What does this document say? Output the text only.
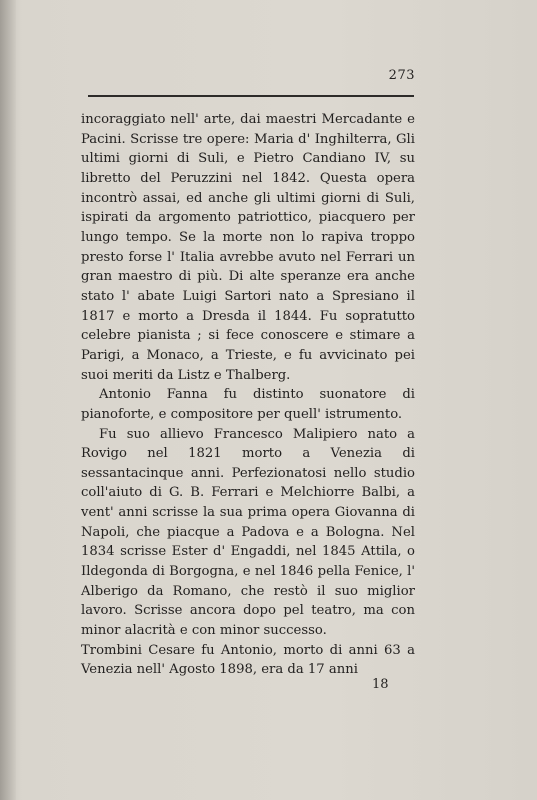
273

incoraggiato nell' arte, dai maestri Mercadante e Pacini. Scrisse tre opere: Maria d' Inghilterra, Gli ultimi giorni di Suli, e Pietro Candiano IV, su libretto del Peruzzini nel 1842. Questa opera incontrò assai, ed anche gli ultimi giorni di Suli, ispirati da argomento patriottico, piacquero per lungo tempo. Se la morte non lo rapiva troppo presto forse l' Italia avrebbe avuto nel Ferrari un gran maestro di più. Di alte speranze era anche stato l' abate Luigi Sartori nato a Spresiano il 1817 e morto a Dresda il 1844. Fu sopratutto celebre pianista ; si fece conoscere e stimare a Parigi, a Monaco, a Trieste, e fu avvicinato pei suoi meriti da Listz e Thalberg.

Antonio Fanna fu distinto suonatore di pianoforte, e compositore per quell' istrumento.

Fu suo allievo Francesco Malipiero nato a Rovigo nel 1821 morto a Venezia di sessantacinque anni. Perfezionatosi nello studio coll'aiuto di G. B. Ferrari e Melchiorre Balbi, a vent' anni scrisse la sua prima opera Giovanna di Napoli, che piacque a Padova e a Bologna. Nel 1834 scrisse Ester d' Engaddi, nel 1845 Attila, o Ildegonda di Borgogna, e nel 1846 pella Fenice, l' Alberigo da Romano, che restò il suo miglior lavoro. Scrisse ancora dopo pel teatro, ma con minor alacrità e con minor successo.

Trombini Cesare fu Antonio, morto di anni 63 a Venezia nell' Agosto 1898, era da 17 anni

18
